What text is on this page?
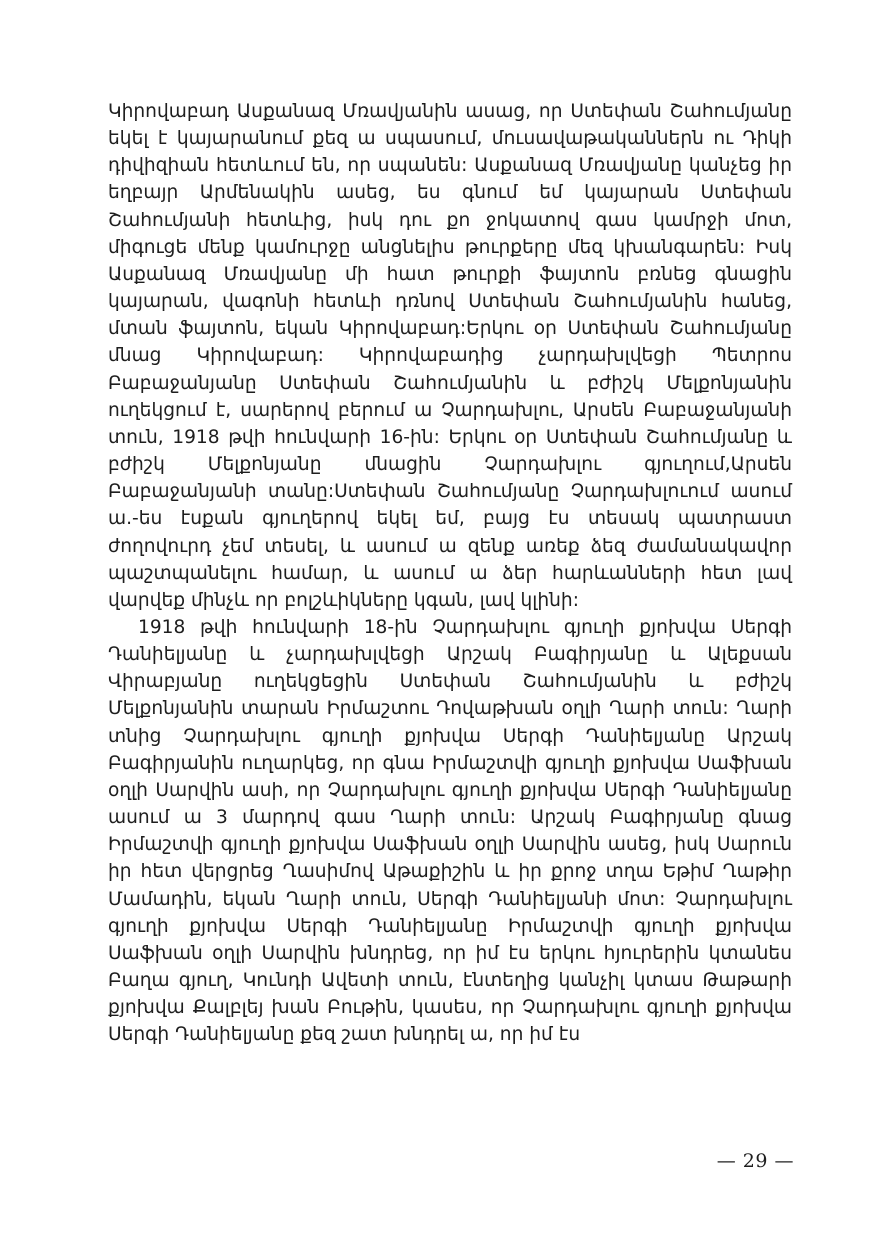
Կիրովաբադ Ասքանազ Մռավյանին ասաց, որ Ստեփան Շահումյանը եկել է կայարանում քեզ ա սպասում, մուսավաթականներն ու Դիկի դիվիզիան հետևում են, որ սպանեն: Ասքանազ Մռավյանը կանչեց իր եղբայր Արմենակին ասեց, ես գնում եմ կայարան Ստեփան Շահումյանի հետևից, իսկ դու քո ջոկատով գաս կամրջի մոտ, միգուցե մենք կամուրջը անցնելիս թուրքերը մեզ կխանգարեն: Իսկ Ասքանազ Մռավյանը մի հատ թուրքի ֆայտոն բռնեց գնացին կայարան, վագոնի հետևի դռնով Ստեփան Շահումյանին հանեց, մտան ֆայտոն, եկան Կիրովաբադ:Երկու օր Ստեփան Շահումյանը մնաց Կիրովաբադ: Կիրովաբադից չարդախլվեցի Պետրոս Բաբաջանյանը Ստեփան Շահումյանին և բժիշկ Մելքոնյանին ուղեկցում է, սարերով բերում ա Չարդախլու, Արսեն Բաբաջանյանի տուն, 1918 թվի հունվարի 16-ին: Երկու օր Ստեփան Շահումյանը և բժիշկ Մելքոնյանը մնացին Չարդախլու գյուղում,Արսեն Բաբաջանյանի տանը:Ստեփան Շահումյանը Չարդախլուում ասում ա.-ես էսքան գյուղերով եկել եմ, բայց էս տեսակ պատրաստ ժողովուրդ չեմ տեսել, և ասում ա զենք առեք ձեզ ժամանակավոր պաշտպանելու համար, և ասում ա ձեր հարևանների հետ լավ վարվեք մինչև որ բոլշևիկները կգան, լավ կլինի:

1918 թվի հունվարի 18-ին Չարդախլու գյուղի քյոխվա Սերգի Դանիելյանը և չարդախլվեցի Արշակ Բագիրյանը և Ալեքսան Վիրաբյանը ուղեկցեցին Ստեփան Շահումյանին և բժիշկ Մելքոնյանին տարան Իրմաշտու Դովաթխան օղլի Ղարի տուն: Ղարի տնից Չարդախլու գյուղի քյոխվա Սերգի Դանիելյանը Արշակ Բագիրյանին ուղարկեց, որ գնա Իրմաշտվի գյուղի քյոխվա Սաֆխան օղլի Սարվին ասի, որ Չարդախլու գյուղի քյոխվա Սերգի Դանիելյանը ասում ա 3 մարդով գաս Ղարի տուն: Արշակ Բագիրյանը գնաց Իրմաշտվի գյուղի քյոխվա Սաֆխան օղլի Սարվին ասեց, իսկ Սարուն իր հետ վերցրեց Ղասիմով Աթաքիշին և իր քրոջ տղա Եթիմ Ղաթիր Մամադին, եկան Ղարի տուն, Սերգի Դանիելյանի մոտ: Չարդախլու գյուղի քյոխվա Սերգի Դանիելյանը Իրմաշտվի գյուղի քյոխվա Սաֆխան օղլի Սարվին խնդրեց, որ իմ էս երկու հյուրերին կտանես Բաղա գյուղ, Կունդի Ավետի տուն, էնտեղից կանչիլ կտաս Թաթարի քյոխվա Քալբլեյ խան Բութին, կասես, որ Չարդախլու գյուղի քյոխվա Սերգի Դանիելյանը քեզ շատ խնդրել ա, որ իմ էս

— 29 —
